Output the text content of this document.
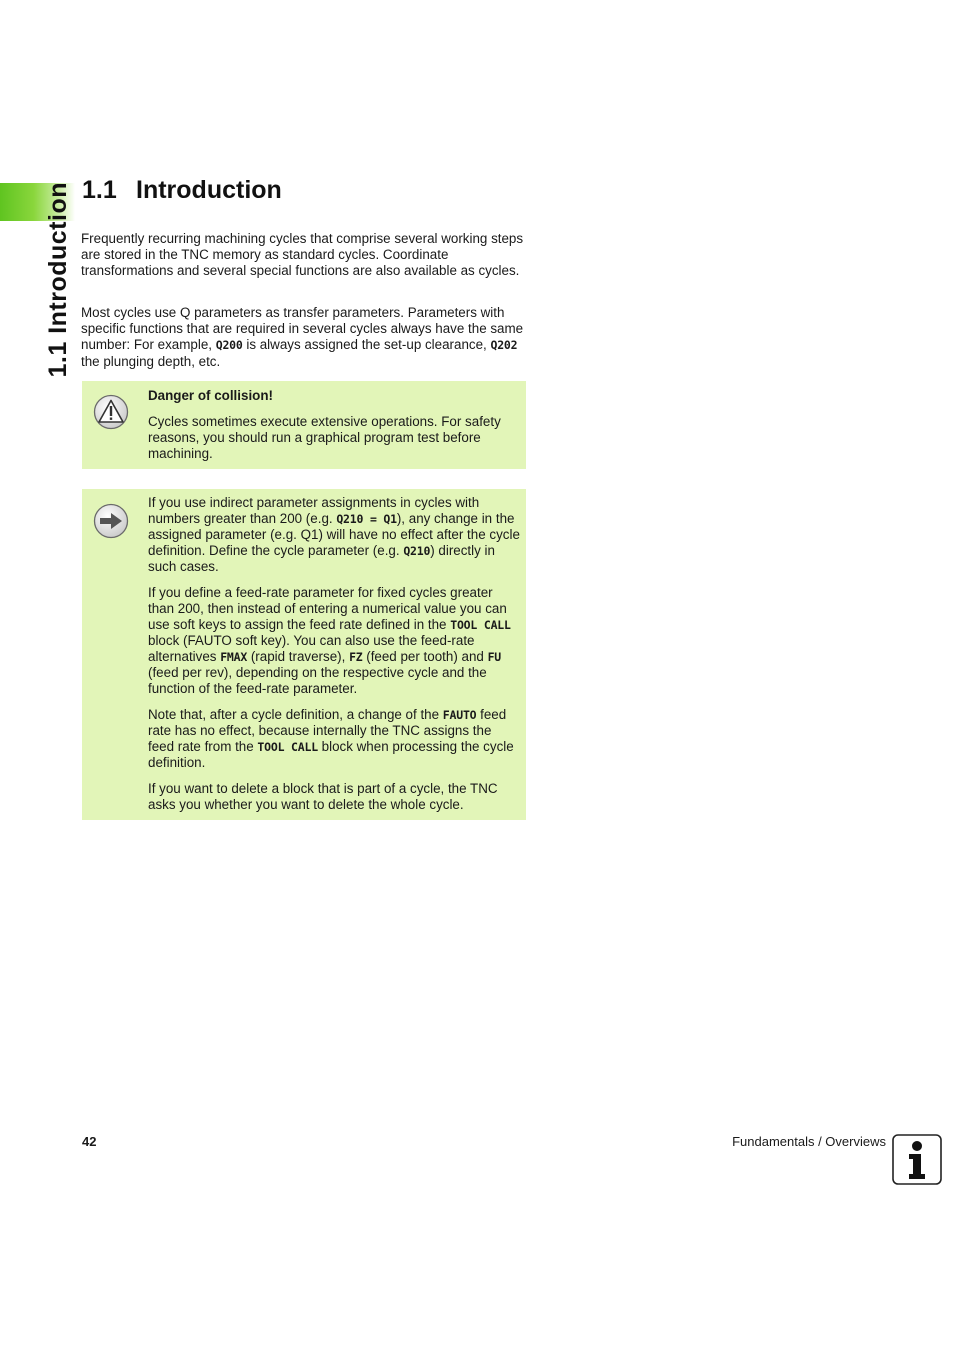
1.1 Introduction 1.1 Introduction

Frequently recurring machining cycles that comprise several working steps are stored in the TNC memory as standard cycles. Coordinate transformations and several special functions are also available as cycles.

Most cycles use Q parameters as transfer parameters. Parameters with specific functions that are required in several cycles always have the same number: For example, Q200 is always assigned the set-up clearance, Q202 the plunging depth, etc.

Danger of collision!

Cycles sometimes execute extensive operations. For safety reasons, you should run a graphical program test before machining.

If you use indirect parameter assignments in cycles with numbers greater than 200 (e.g. Q210 = Q1), any change in the assigned parameter (e.g. Q1) will have no effect after the cycle definition. Define the cycle parameter (e.g. Q210) directly in such cases.

If you define a feed-rate parameter for fixed cycles greater than 200, then instead of entering a numerical value you can use soft keys to assign the feed rate defined in the TOOL CALL block (FAUTO soft key). You can also use the feed-rate alternatives FMAX (rapid traverse), FZ (feed per tooth) and FU (feed per rev), depending on the respective cycle and the function of the feed-rate parameter.

Note that, after a cycle definition, a change of the FAUTO feed rate has no effect, because internally the TNC assigns the feed rate from the TOOL CALL block when processing the cycle definition.

If you want to delete a block that is part of a cycle, the TNC asks you whether you want to delete the whole cycle.

42	Fundamentals / Overviews
